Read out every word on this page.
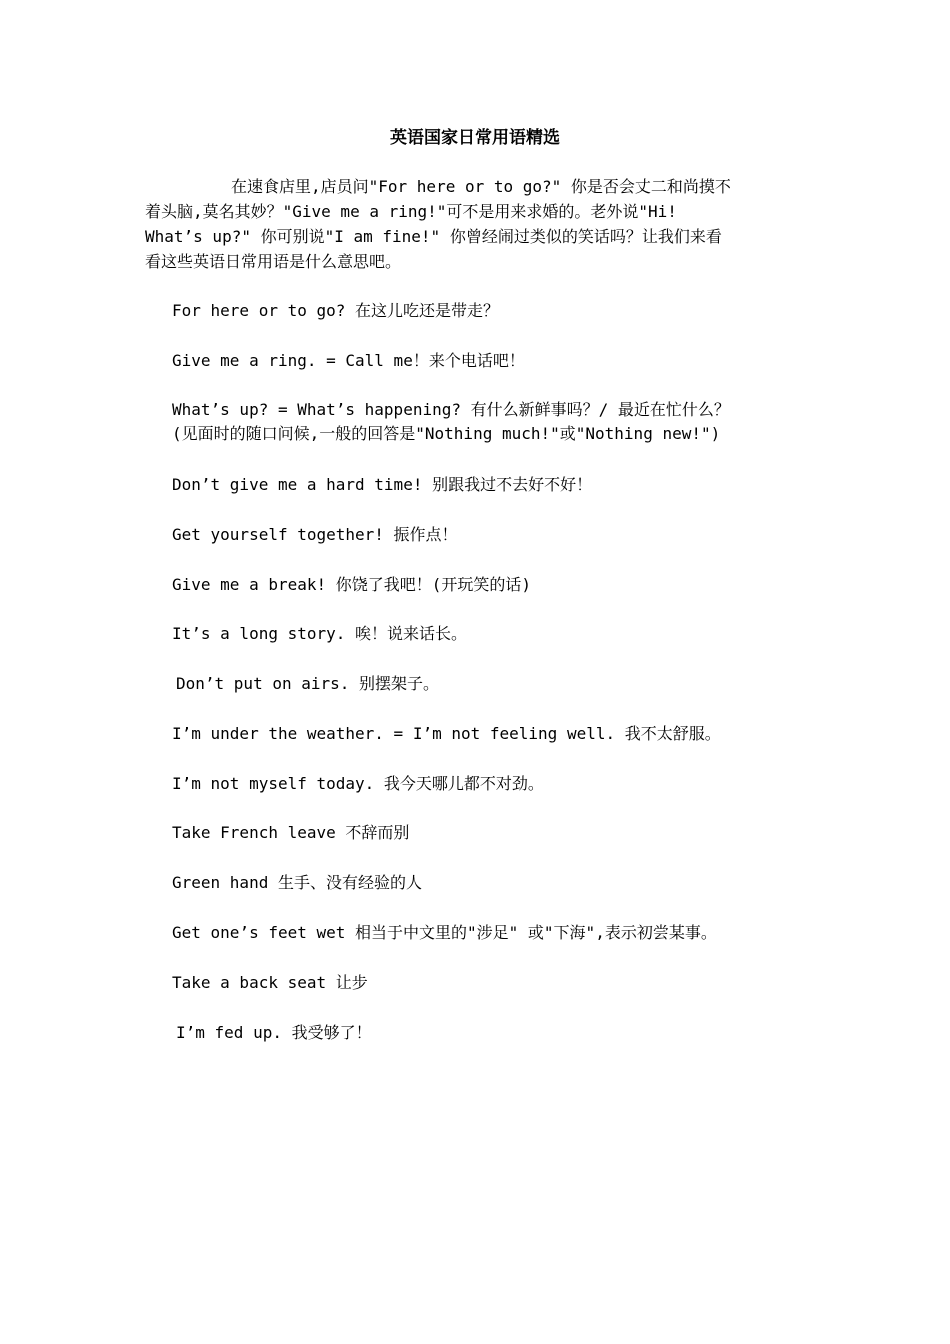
英语国家日常用语精选

在速食店里,店员问"For here or to go?" 你是否会丈二和尚摸不
着头脑,莫名其妙？"Give me a ring!"可不是用来求婚的。老外说"Hi!
What’s up?" 你可别说"I am fine!" 你曾经闹过类似的笑话吗？让我们来看
看这些英语日常用语是什么意思吧。

For here or to go? 在这儿吃还是带走？

Give me a ring. = Call me！来个电话吧！

What’s up? = What’s happening? 有什么新鲜事吗？/ 最近在忙什么？
(见面时的随口问候,一般的回答是"Nothing much!"或"Nothing new!")

Don’t give me a hard time! 别跟我过不去好不好！

Get yourself together! 振作点！

Give me a break! 你饶了我吧！(开玩笑的话)

It’s a long story. 唉！说来话长。

Don’t put on airs. 别摆架子。

I’m under the weather. = I’m not feeling well. 我不太舒服。

I’m not myself today. 我今天哪儿都不对劲。

Take French leave 不辞而别

Green hand 生手、没有经验的人

Get one’s feet wet 相当于中文里的"涉足" 或"下海",表示初尝某事。

Take a back seat 让步

I’m fed up. 我受够了！
